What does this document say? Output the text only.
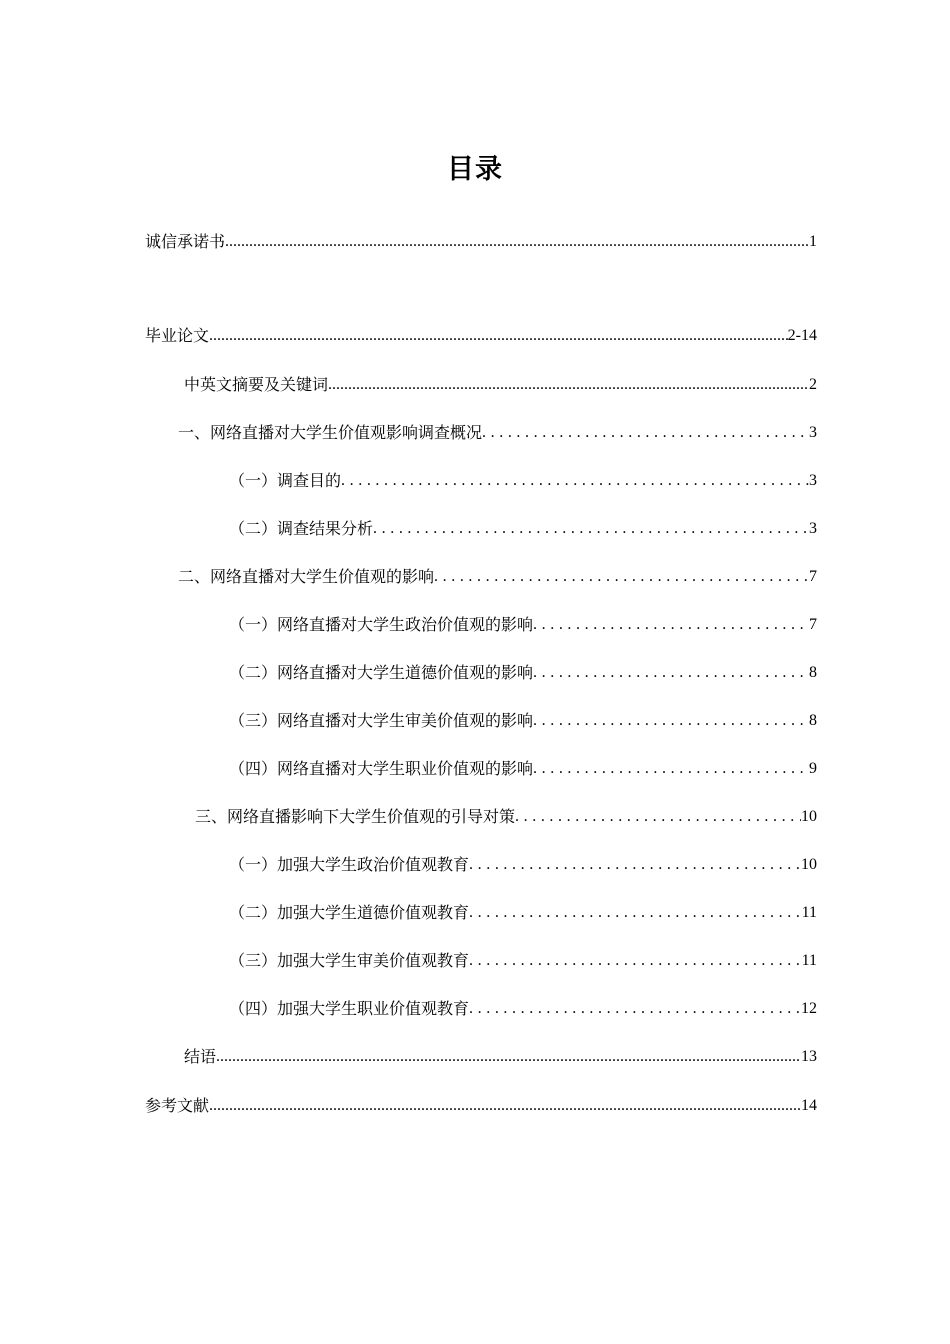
目录
诚信承诺书 .....	1
毕业论文 .....	2-14
中英文摘要及关键词 .....	2
一、网络直播对大学生价值观影响调查概况 . . .	3
（一）调查目的 . . .	3
（二）调查结果分析 . . .	3
二、网络直播对大学生价值观的影响 . . .	7
（一）网络直播对大学生政治价值观的影响 . . .	7
（二）网络直播对大学生道德价值观的影响 . . .	8
（三）网络直播对大学生审美价值观的影响 . . .	8
（四）网络直播对大学生职业价值观的影响 . . .	9
三、网络直播影响下大学生价值观的引导对策 . . .	10
（一）加强大学生政治价值观教育 . . .	10
（二）加强大学生道德价值观教育 . . .	11
（三）加强大学生审美价值观教育 . . .	11
（四）加强大学生职业价值观教育 . . .	12
结语 .....	13
参考文献 .....	14
